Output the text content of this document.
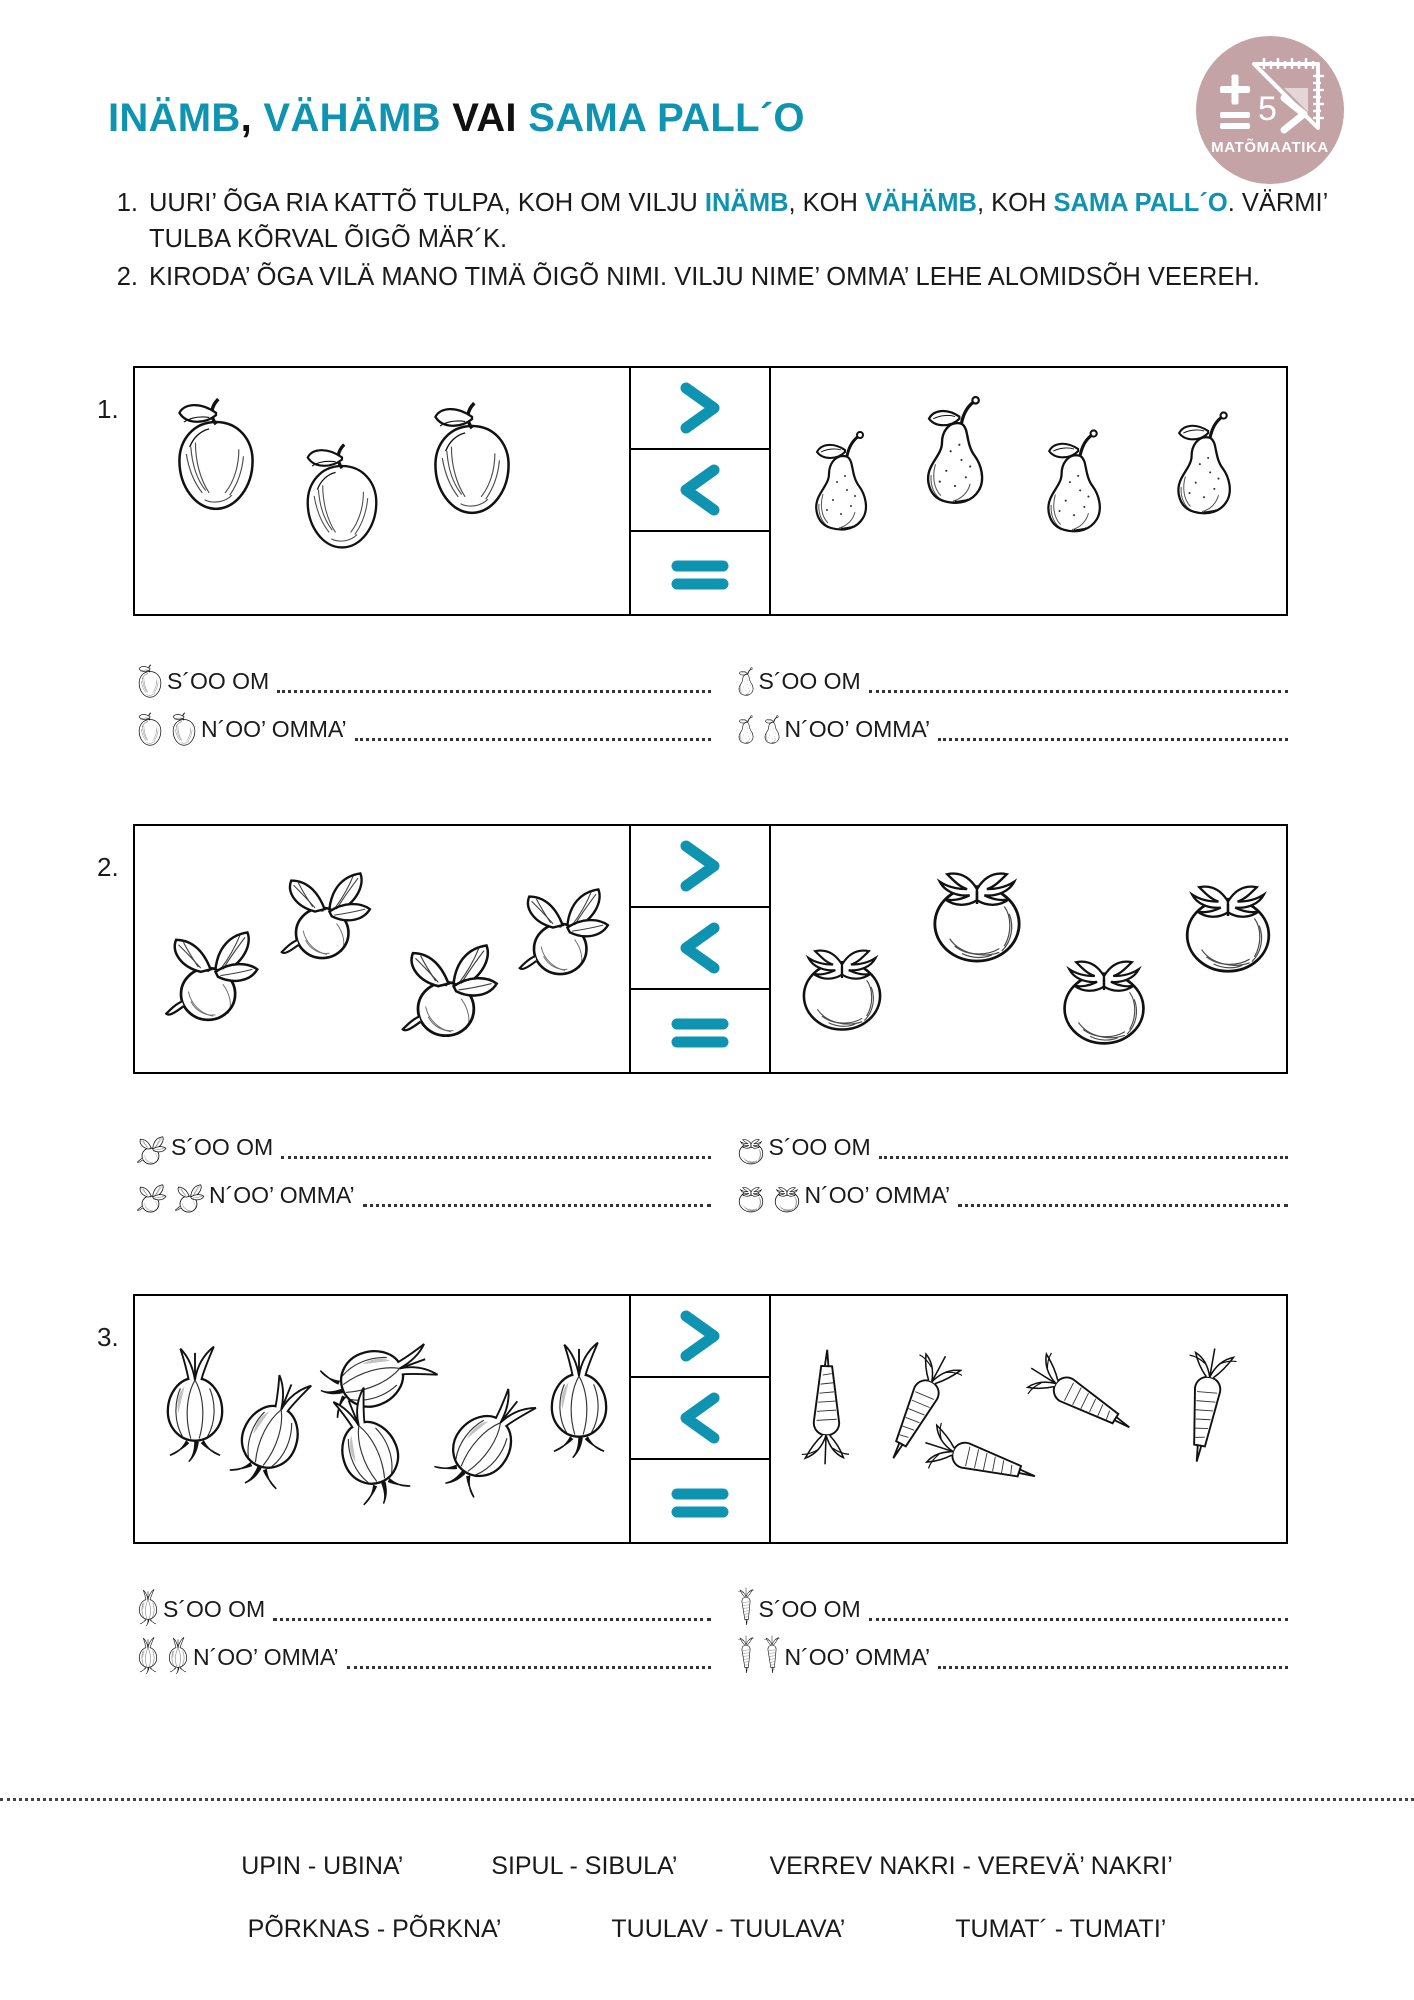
5
MATÕMAATIKA
INÄMB, VÄHÄMB VAI SAMA PALL´O
1. UURI’ ÕGA RIA KATTÕ TULPA, KOH OM VILJU INÄMB, KOH VÄHÄMB, KOH SAMA PALL´O. VÄRMI’ TULBA KÕRVAL ÕIGÕ MÄR´K.
2. KIRODA’ ÕGA VILÄ MANO TIMÄ ÕIGÕ NIMI. VILJU NIME’ OMMA’ LEHE ALOMIDSÕH VEEREH.
1.
S´OO OM
N´OO’ OMMA’
S´OO OM
N´OO’ OMMA’
2.
S´OO OM
N´OO’ OMMA’
S´OO OM
N´OO’ OMMA’
3.
S´OO OM
N´OO’ OMMA’
S´OO OM
N´OO’ OMMA’
UPIN - UBINA’	SIPUL - SIBULA’	VERREV NAKRI - VEREVÄ’ NAKRI’
PÕRKNAS - PÕRKNA’	TUULAV - TUULAVA’	TUMAT´ - TUMATI’
